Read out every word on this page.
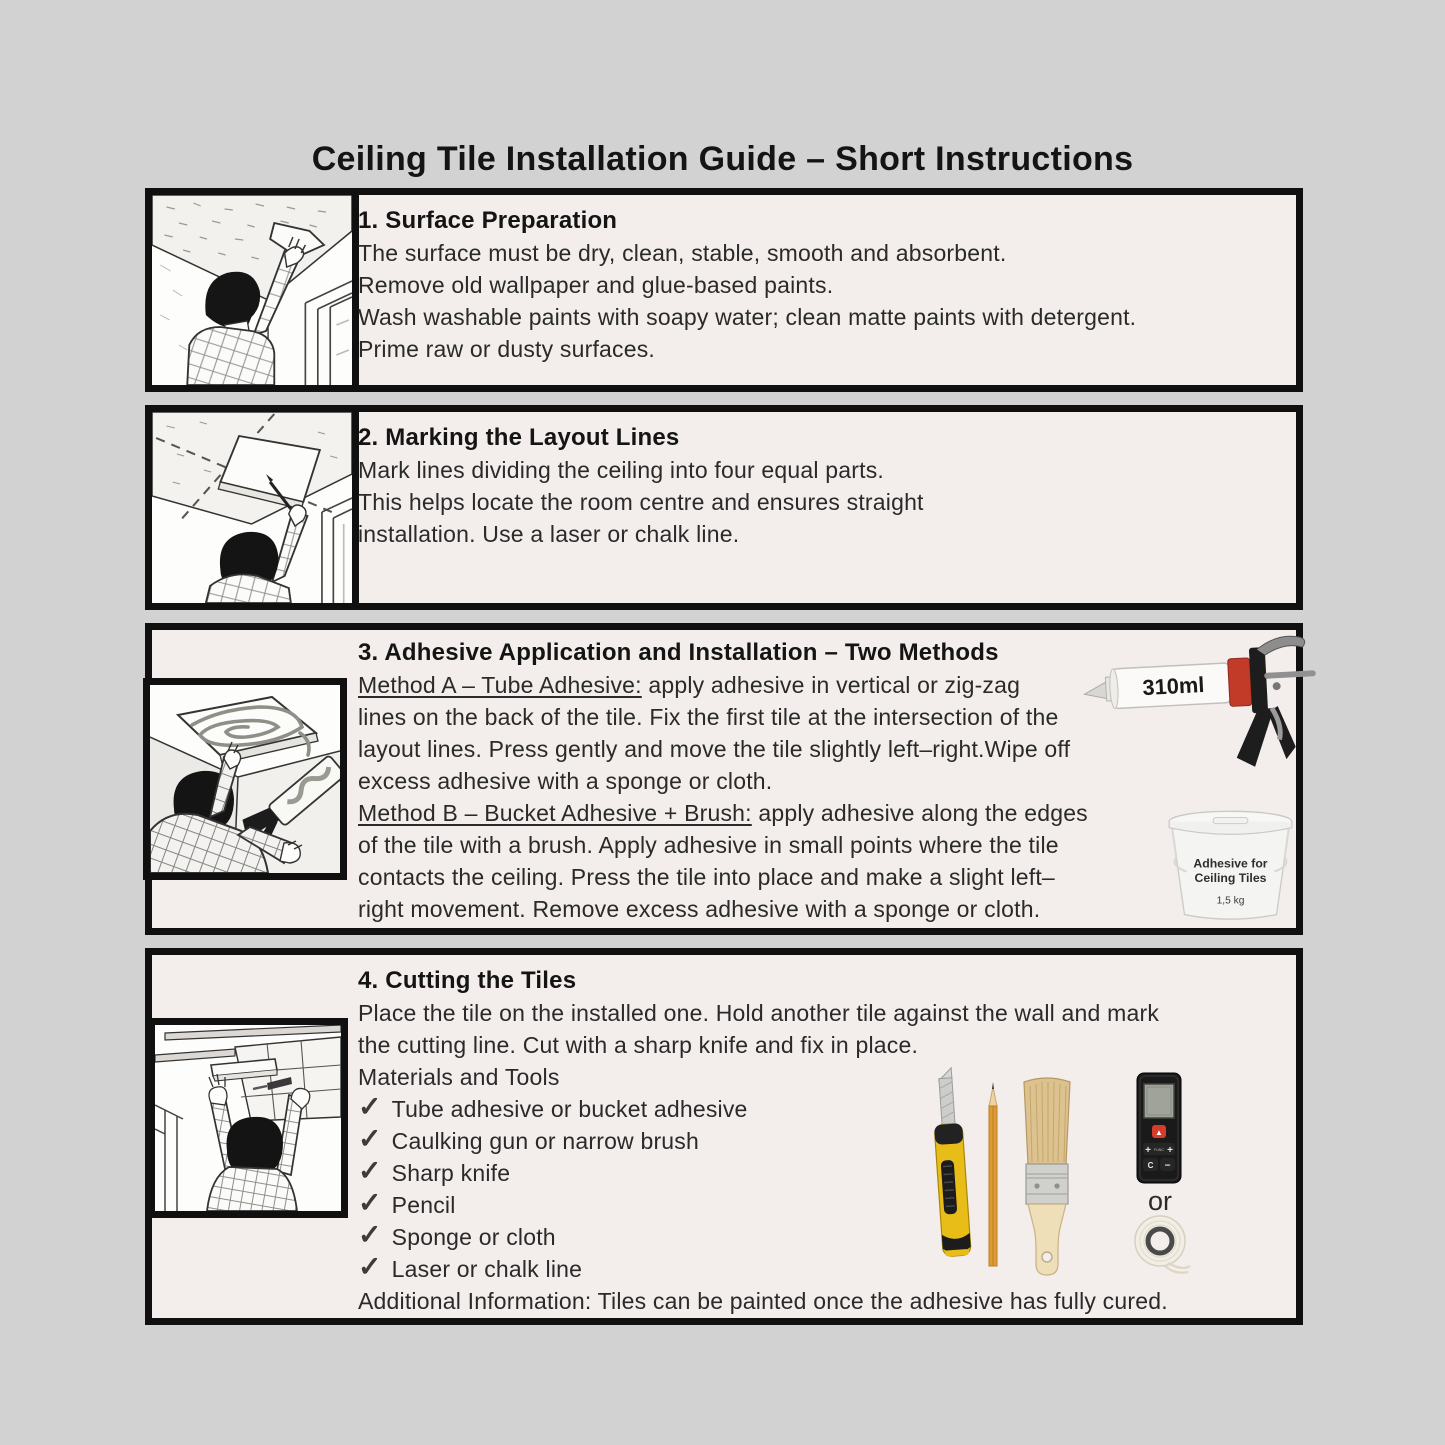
Ceiling Tile Installation Guide – Short Instructions
1. Surface Preparation
The surface must be dry, clean, stable, smooth and absorbent.
Remove old wallpaper and glue-based paints.
Wash washable paints with soapy water; clean matte paints with detergent.
Prime raw or dusty surfaces.
2. Marking the Layout Lines
Mark lines dividing the ceiling into four equal parts.
This helps locate the room centre and ensures straight
installation. Use a laser or chalk line.
3. Adhesive Application and Installation – Two Methods
Method A – Tube Adhesive: apply adhesive in vertical or zig-zag
lines on the back of the tile. Fix the first tile at the intersection of the
layout lines. Press gently and move the tile slightly left–right.Wipe off
excess adhesive with a sponge or cloth.
Method B – Bucket Adhesive + Brush: apply adhesive along the edges
of the tile with a brush. Apply adhesive in small points where the tile
contacts the ceiling. Press the tile into place and make a slight left–
right movement. Remove excess adhesive with a sponge or cloth.
310ml
Adhesive for
Ceiling Tiles
1,5 kg
4. Cutting the Tiles
Place the tile on the installed one. Hold another tile against the wall and mark
the cutting line. Cut with a sharp knife and fix in place.
Materials and Tools
✓ Tube adhesive or bucket adhesive
✓ Caulking gun or narrow brush
✓ Sharp knife
✓ Pencil
✓ Sponge or cloth
✓ Laser or chalk line
Additional Information: Tiles can be painted once the adhesive has fully cured.
▲
+ FUNC +
C −
or
